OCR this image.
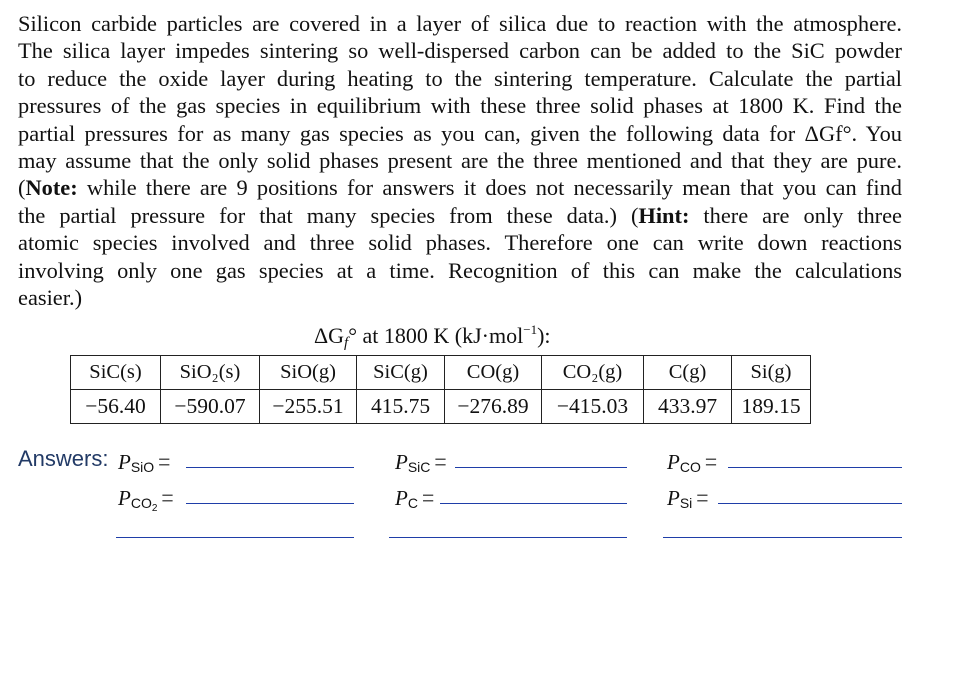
Silicon carbide particles are covered in a layer of silica due to reaction with the atmosphere.
The silica layer impedes sintering so well-dispersed carbon can be added to the SiC powder
to reduce the oxide layer during heating to the sintering temperature. Calculate the partial
pressures of the gas species in equilibrium with these three solid phases at 1800 K. Find the
partial pressures for as many gas species as you can, given the following data for ΔGf°. You
may assume that the only solid phases present are the three mentioned and that they are pure.
(Note: while there are 9 positions for answers it does not necessarily mean that you can find
the partial pressure for that many species from these data.) (Hint: there are only three
atomic species involved and three solid phases. Therefore one can write down reactions
involving only one gas species at a time. Recognition of this can make the calculations
easier.)
ΔGf° at 1800 K (kJ·mol$^{-1}$):
SiC(s)	SiO₂(s)	SiO(g)	SiC(g)	CO(g)	CO₂(g)	C(g)	Si(g)
−56.40	−590.07	−255.51	415.75	−276.89	−415.03	433.97	189.15
Answers: PSiO =	PSiC =	PCO =
$PCO_2$ =	PC =	PSi =
